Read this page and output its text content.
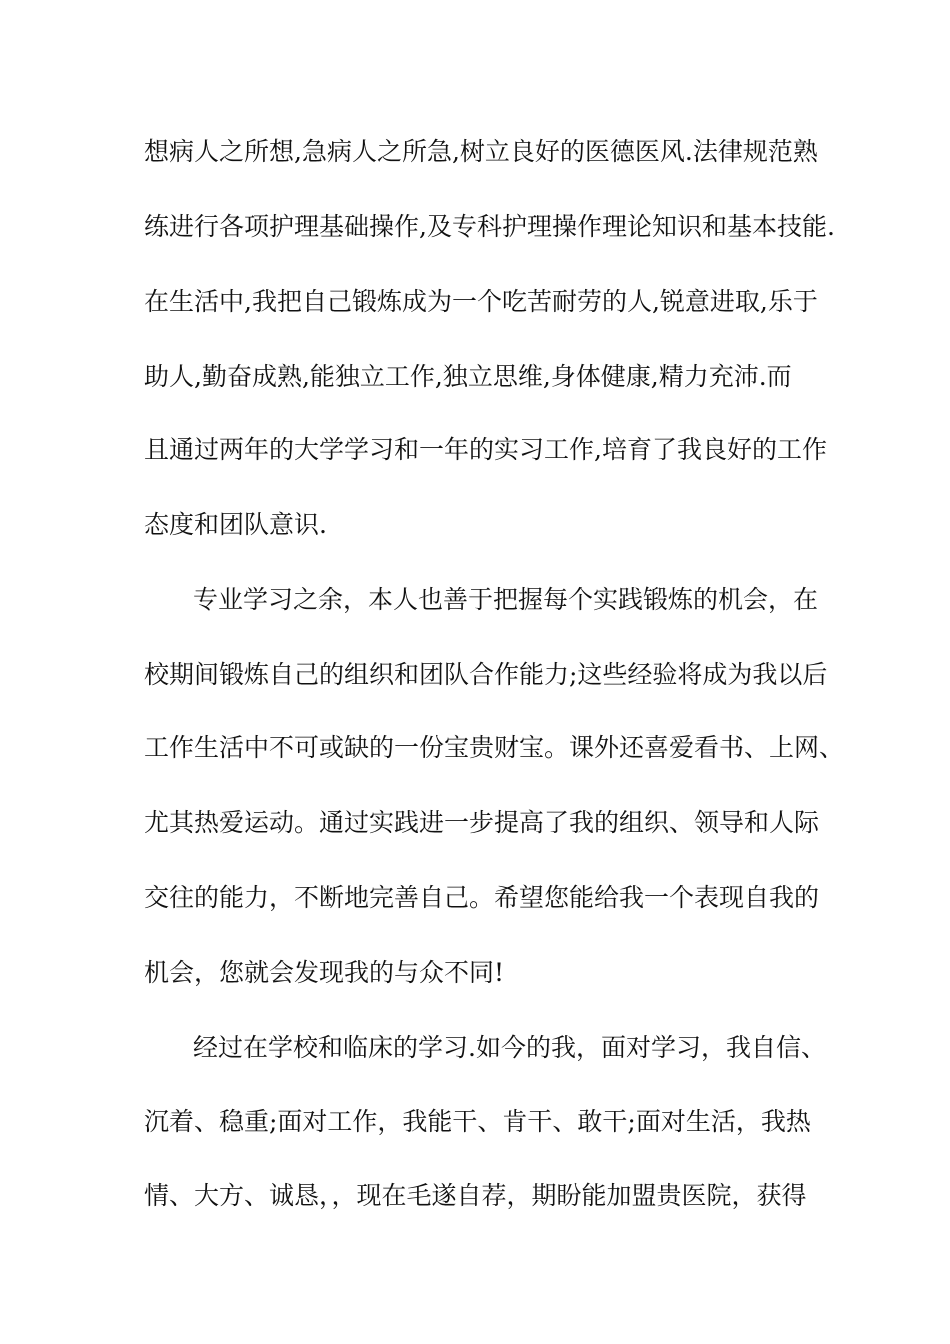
想病人之所想,急病人之所急,树立良好的医德医风.法律规范熟
练进行各项护理基础操作,及专科护理操作理论知识和基本技能.
在生活中,我把自己锻炼成为一个吃苦耐劳的人,锐意进取,乐于
助人,勤奋成熟,能独立工作,独立思维,身体健康,精力充沛.而
且通过两年的大学学习和一年的实习工作,培育了我良好的工作
态度和团队意识.
专业学习之余，本人也善于把握每个实践锻炼的机会，在
校期间锻炼自己的组织和团队合作能力;这些经验将成为我以后
工作生活中不可或缺的一份宝贵财宝。课外还喜爱看书、上网、
尤其热爱运动。通过实践进一步提高了我的组织、领导和人际
交往的能力，不断地完善自己。希望您能给我一个表现自我的
机会，您就会发现我的与众不同!
经过在学校和临床的学习.如今的我，面对学习，我自信、
沉着、稳重;面对工作，我能干、肯干、敢干;面对生活，我热
情、大方、诚恳，，现在毛遂自荐，期盼能加盟贵医院，获得
